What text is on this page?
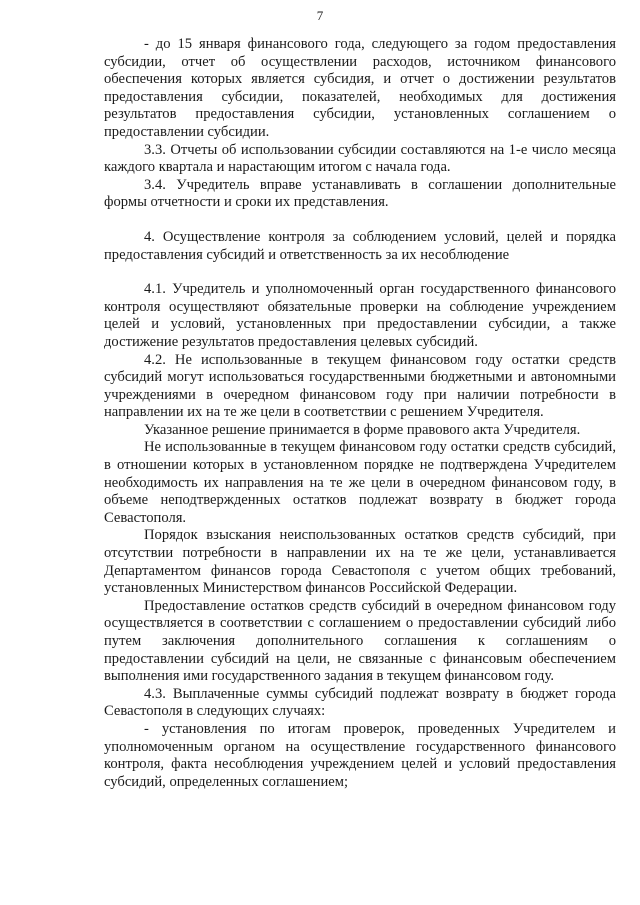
7

- до 15 января финансового года, следующего за годом предоставления субсидии, отчет об осуществлении расходов, источником финансового обеспечения которых является субсидия, и отчет о достижении результатов предоставления субсидии, показателей, необходимых для достижения результатов предоставления субсидии, установленных соглашением о предоставлении субсидии.

3.3. Отчеты об использовании субсидии составляются на 1-е число месяца каждого квартала и нарастающим итогом с начала года.

3.4. Учредитель вправе устанавливать в соглашении дополнительные формы отчетности и сроки их представления.

4. Осуществление контроля за соблюдением условий, целей и порядка предоставления субсидий и ответственность за их несоблюдение

4.1. Учредитель и уполномоченный орган государственного финансового контроля осуществляют обязательные проверки на соблюдение учреждением целей и условий, установленных при предоставлении субсидии, а также достижение результатов предоставления целевых субсидий.

4.2. Не использованные в текущем финансовом году остатки средств субсидий могут использоваться государственными бюджетными и автономными учреждениями в очередном финансовом году при наличии потребности в направлении их на те же цели в соответствии с решением Учредителя.

Указанное решение принимается в форме правового акта Учредителя.

Не использованные в текущем финансовом году остатки средств субсидий, в отношении которых в установленном порядке не подтверждена Учредителем необходимость их направления на те же цели в очередном финансовом году, в объеме неподтвержденных остатков подлежат возврату в бюджет города Севастополя.

Порядок взыскания неиспользованных остатков средств субсидий, при отсутствии потребности в направлении их на те же цели, устанавливается Департаментом финансов города Севастополя с учетом общих требований, установленных Министерством финансов Российской Федерации.

Предоставление остатков средств субсидий в очередном финансовом году осуществляется в соответствии с соглашением о предоставлении субсидий либо путем заключения дополнительного соглашения к соглашениям о предоставлении субсидий на цели, не связанные с финансовым обеспечением выполнения ими государственного задания в текущем финансовом году.

4.3. Выплаченные суммы субсидий подлежат возврату в бюджет города Севастополя в следующих случаях:

- установления по итогам проверок, проведенных Учредителем и уполномоченным органом на осуществление государственного финансового контроля, факта несоблюдения учреждением целей и условий предоставления субсидий, определенных соглашением;
